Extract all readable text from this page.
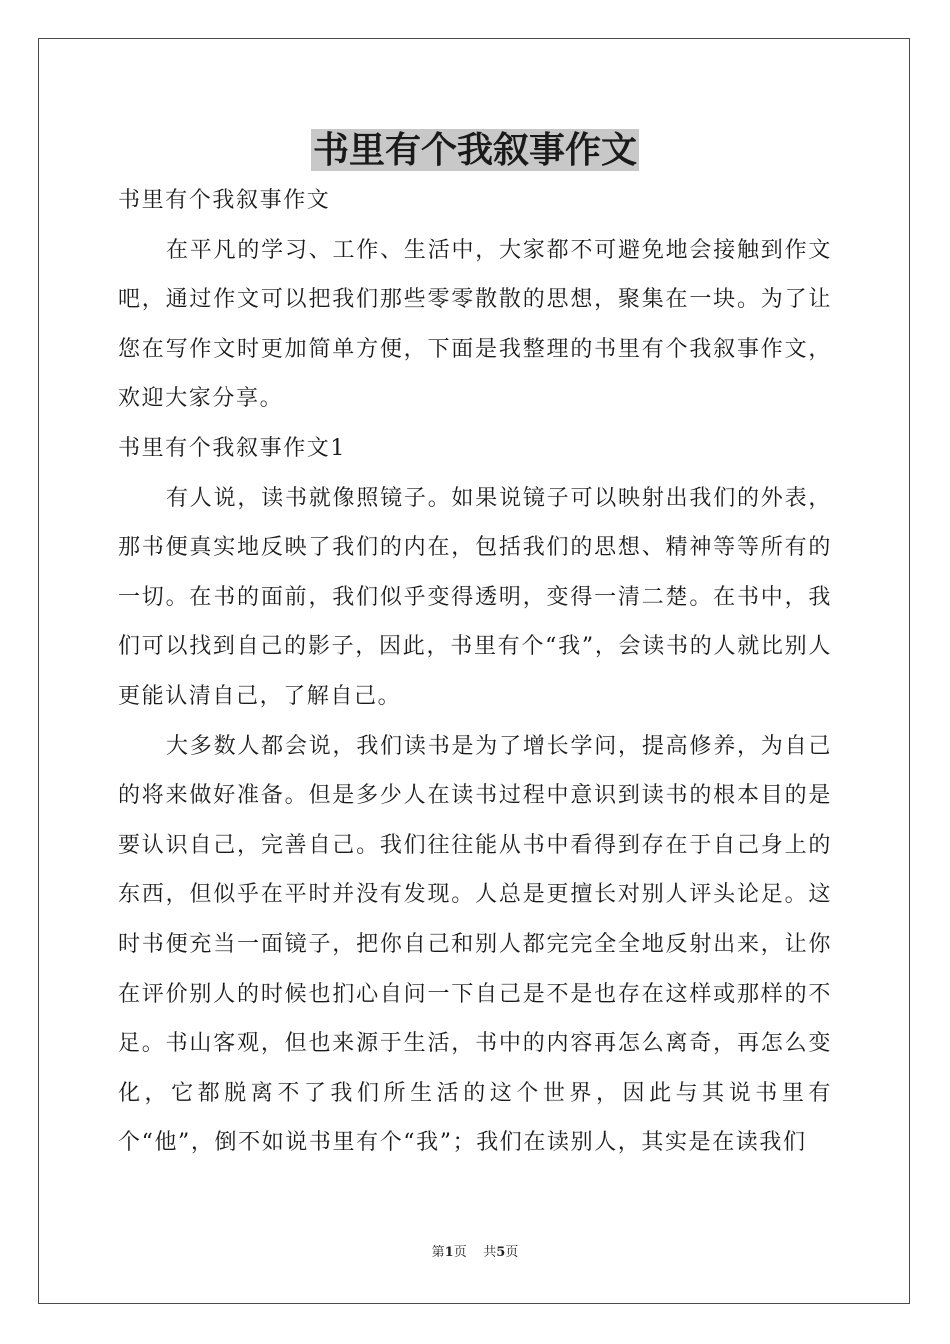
书里有个我叙事作文

书里有个我叙事作文

在平凡的学习、工作、生活中，大家都不可避免地会接触到作文吧，通过作文可以把我们那些零零散散的思想，聚集在一块。为了让您在写作文时更加简单方便，下面是我整理的书里有个我叙事作文，欢迎大家分享。

书里有个我叙事作文1

有人说，读书就像照镜子。如果说镜子可以映射出我们的外表，那书便真实地反映了我们的内在，包括我们的思想、精神等等所有的一切。在书的面前，我们似乎变得透明，变得一清二楚。在书中，我们可以找到自己的影子，因此，书里有个“我”，会读书的人就比别人更能认清自己，了解自己。

大多数人都会说，我们读书是为了增长学问，提高修养，为自己的将来做好准备。但是多少人在读书过程中意识到读书的根本目的是要认识自己，完善自己。我们往往能从书中看得到存在于自己身上的东西，但似乎在平时并没有发现。人总是更擅长对别人评头论足。这时书便充当一面镜子，把你自己和别人都完完全全地反射出来，让你在评价别人的时候也扪心自问一下自己是不是也存在这样或那样的不足。书山客观，但也来源于生活，书中的内容再怎么离奇，再怎么变化，它都脱离不了我们所生活的这个世界，因此与其说书里有个“他”，倒不如说书里有个“我”；我们在读别人，其实是在读我们

第1页 共5页
